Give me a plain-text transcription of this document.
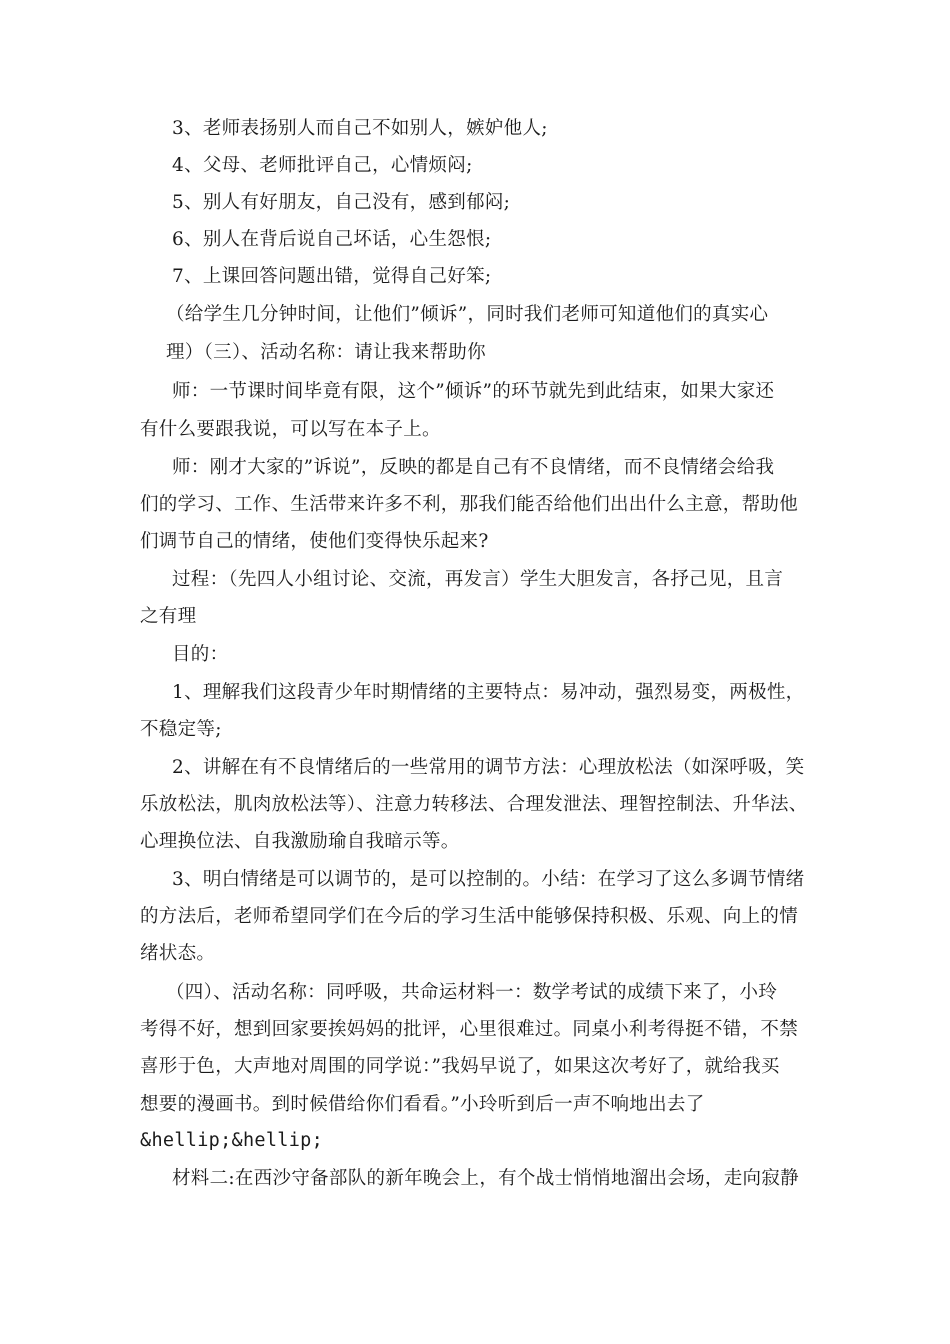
3、老师表扬别人而自己不如别人，嫉妒他人;
4、父母、老师批评自己，心情烦闷;
5、别人有好朋友，自己没有，感到郁闷;
6、别人在背后说自己坏话，心生怨恨;
7、上课回答问题出错，觉得自己好笨;
（给学生几分钟时间，让他们”倾诉”，同时我们老师可知道他们的真实心
理）（三）、活动名称：请让我来帮助你
师：一节课时间毕竟有限，这个”倾诉”的环节就先到此结束，如果大家还
有什么要跟我说，可以写在本子上。
师：刚才大家的”诉说”，反映的都是自己有不良情绪，而不良情绪会给我
们的学习、工作、生活带来许多不利，那我们能否给他们出出什么主意，帮助他
们调节自己的情绪，使他们变得快乐起来?
过程：（先四人小组讨论、交流，再发言）学生大胆发言，各抒己见，且言
之有理
目的：
1、理解我们这段青少年时期情绪的主要特点：易冲动，强烈易变，两极性，
不稳定等;
2、讲解在有不良情绪后的一些常用的调节方法：心理放松法（如深呼吸，笑
乐放松法，肌肉放松法等）、注意力转移法、合理发泄法、理智控制法、升华法、
心理换位法、自我激励瑜自我暗示等。
3、明白情绪是可以调节的，是可以控制的。小结：在学习了这么多调节情绪
的方法后，老师希望同学们在今后的学习生活中能够保持积极、乐观、向上的情
绪状态。
（四）、活动名称：同呼吸，共命运材料一：数学考试的成绩下来了，小玲
考得不好，想到回家要挨妈妈的批评，心里很难过。同桌小利考得挺不错，不禁
喜形于色，大声地对周围的同学说：”我妈早说了，如果这次考好了，就给我买
想要的漫画书。到时候借给你们看看。”小玲听到后一声不响地出去了
&hellip;&hellip;
材料二:在西沙守备部队的新年晚会上，有个战士悄悄地溜出会场，走向寂静
